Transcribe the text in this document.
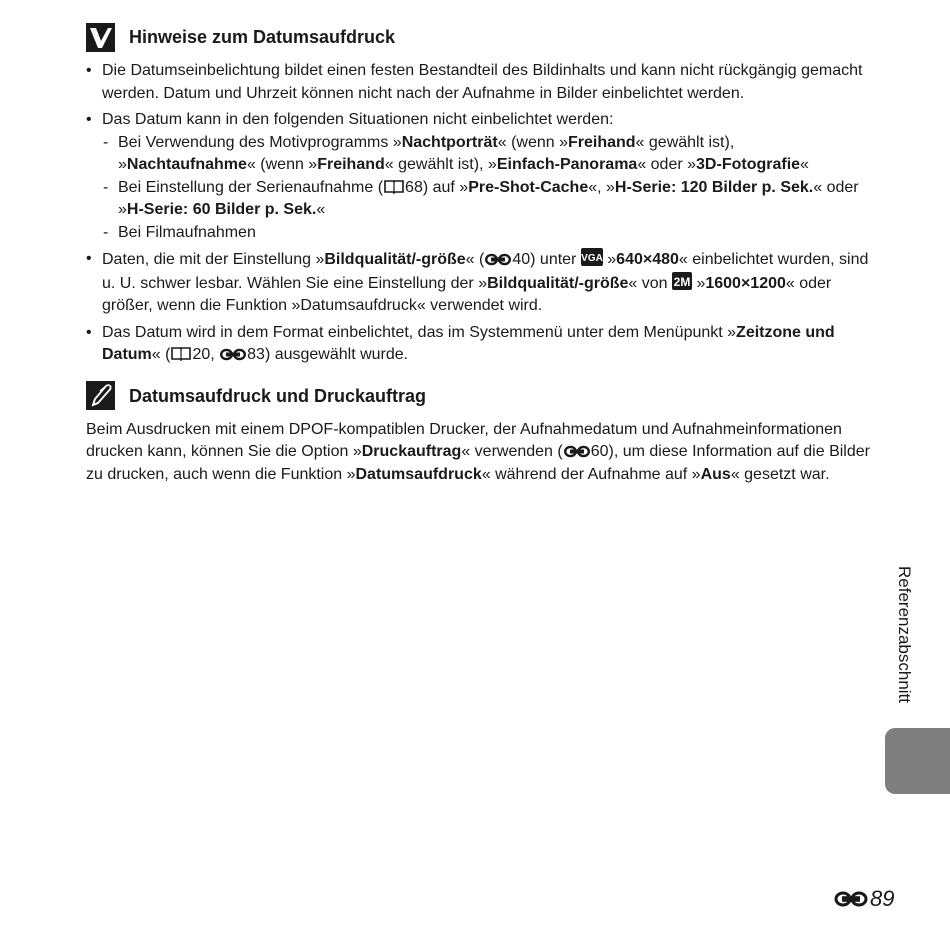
Hinweise zum Datumsaufdruck
• Die Datumseinbelichtung bildet einen festen Bestandteil des Bildinhalts und kann nicht rückgängig gemacht werden. Datum und Uhrzeit können nicht nach der Aufnahme in Bilder einbelichtet werden.
• Das Datum kann in den folgenden Situationen nicht einbelichtet werden:
- Bei Verwendung des Motivprogramms »Nachtporträt« (wenn »Freihand« gewählt ist), »Nachtaufnahme« (wenn »Freihand« gewählt ist), »Einfach-Panorama« oder »3D-Fotografie«
- Bei Einstellung der Serienaufnahme ( 68) auf »Pre-Shot-Cache«, »H-Serie: 120 Bilder p. Sek.« oder »H-Serie: 60 Bilder p. Sek.«
- Bei Filmaufnahmen
• Daten, die mit der Einstellung »Bildqualität/-größe« ( 40) unter VGA »640×480« einbelichtet wurden, sind u. U. schwer lesbar. Wählen Sie eine Einstellung der »Bildqualität/-größe« von 2M »1600×1200« oder größer, wenn die Funktion »Datumsaufdruck« verwendet wird.
• Das Datum wird in dem Format einbelichtet, das im Systemmenü unter dem Menüpunkt »Zeitzone und Datum« ( 20, 83) ausgewählt wurde.
Datumsaufdruck und Druckauftrag

Beim Ausdrucken mit einem DPOF-kompatiblen Drucker, der Aufnahmedatum und Aufnahmeinformationen drucken kann, können Sie die Option »Druckauftrag« verwenden ( 60), um diese Information auf die Bilder zu drucken, auch wenn die Funktion »Datumsaufdruck« während der Aufnahme auf »Aus« gesetzt war.

Referenzabschnitt
89
